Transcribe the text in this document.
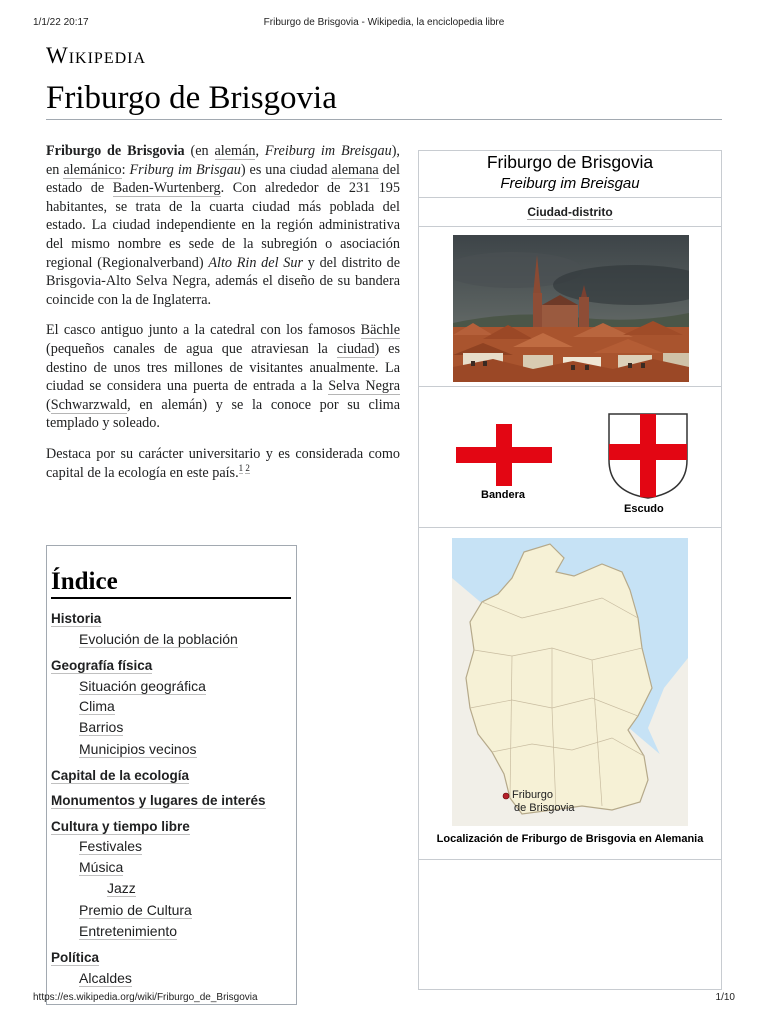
1/1/22 20:17	Friburgo de Brisgovia - Wikipedia, la enciclopedia libre
Wikipedia
Friburgo de Brisgovia

Friburgo de Brisgovia (en alemán, Freiburg im Breisgau), en alemánico: Friburg im Brisgau) es una ciudad alemana del estado de Baden-Wurtenberg. Con alrededor de 231 195 habitantes, se trata de la cuarta ciudad más poblada del estado. La ciudad independiente en la región administrativa del mismo nombre es sede de la subregión o asociación regional (Regionalverband) Alto Rin del Sur y del distrito de Brisgovia-Alto Selva Negra, además el diseño de su bandera coincide con la de Inglaterra.

El casco antiguo junto a la catedral con los famosos Bächle (pequeños canales de agua que atraviesan la ciudad) es destino de unos tres millones de visitantes anualmente. La ciudad se considera una puerta de entrada a la Selva Negra (Schwarzwald, en alemán) y se la conoce por su clima templado y soleado.

Destaca por su carácter universitario y es considerada como capital de la ecología en este país.$^{1 2}$

Friburgo de Brisgovia
Freiburg im Breisgau
Ciudad-distrito
Bandera
Escudo
Friburgo
de Brisgovia
Localización de Friburgo de Brisgovia en Alemania
Índice
Historia
Evolución de la población
Geografía física
Situación geográfica
Clima
Barrios
Municipios vecinos
Capital de la ecología
Monumentos y lugares de interés
Cultura y tiempo libre
Festivales
Música
Jazz
Premio de Cultura
Entretenimiento
Política
Alcaldes
https://es.wikipedia.org/wiki/Friburgo_de_Brisgovia	1/10
